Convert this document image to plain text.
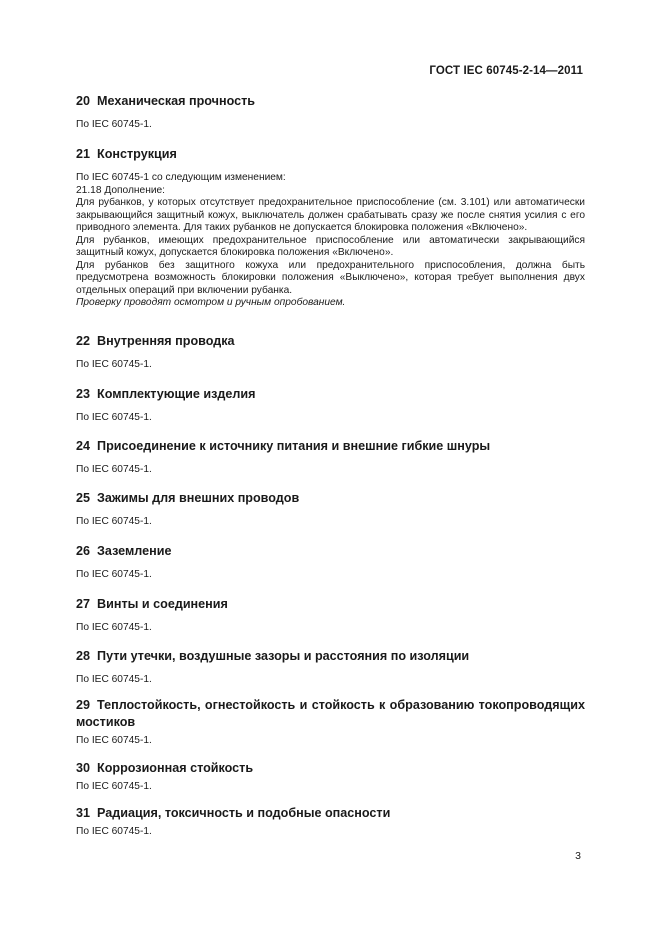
ГОСТ IEC 60745-2-14—2011

20 Механическая прочность

По IEC 60745-1.

21 Конструкция

По IEC 60745-1 со следующим изменением:

21.18 Дополнение:

Для рубанков, у которых отсутствует предохранительное приспособление (см. 3.101) или автоматически закрывающийся защитный кожух, выключатель должен срабатывать сразу же после снятия усилия с его приводного элемента. Для таких рубанков не допускается блокировка положения «Включено».

Для рубанков, имеющих предохранительное приспособление или автоматически закрывающийся защитный кожух, допускается блокировка положения «Включено».

Для рубанков без защитного кожуха или предохранительного приспособления, должна быть предусмотрена возможность блокировки положения «Выключено», которая требует выполнения двух отдельных операций при включении рубанка.

Проверку проводят осмотром и ручным опробованием.

22 Внутренняя проводка

По IEC 60745-1.

23 Комплектующие изделия

По IEC 60745-1.

24 Присоединение к источнику питания и внешние гибкие шнуры

По IEC 60745-1.

25 Зажимы для внешних проводов

По IEC 60745-1.

26 Заземление

По IEC 60745-1.

27 Винты и соединения

По IEC 60745-1.

28 Пути утечки, воздушные зазоры и расстояния по изоляции

По IEC 60745-1.

29 Теплостойкость, огнестойкость и стойкость к образованию токопроводящих мостиков

По IEC 60745-1.

30 Коррозионная стойкость

По IEC 60745-1.

31 Радиация, токсичность и подобные опасности

По IEC 60745-1.

3
